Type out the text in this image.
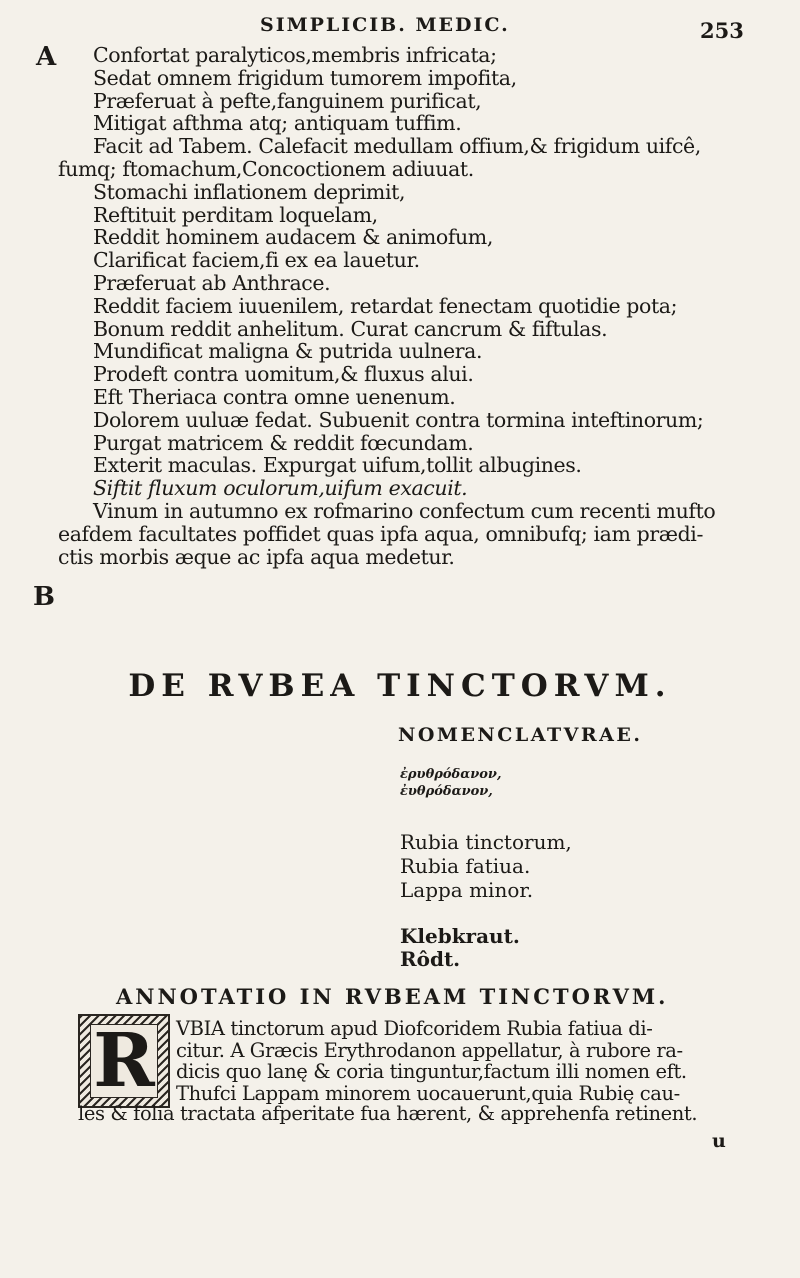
SIMPLICIB. MEDIC.	253
A
B
Confortat paralyticos,membris infricata;
Sedat omnem frigidum tumorem impofita,
Præferuat à pefte,fanguinem purificat,
Mitigat afthma atq; antiquam tuffim.
Facit ad Tabem. Calefacit medullam offium,& frigidum uifcê,
fumq; ftomachum,Concoctionem adiuuat.
Stomachi inflationem deprimit,
Reftituit perditam loquelam,
Reddit hominem audacem & animofum,
Clarificat faciem,fi ex ea lauetur.
Præferuat ab Anthrace.
Reddit faciem iuuenilem, retardat fenectam quotidie pota;
Bonum reddit anhelitum. Curat cancrum & fiftulas.
Mundificat maligna & putrida uulnera.
Prodeft contra uomitum,& fluxus alui.
Eft Theriaca contra omne uenenum.
Dolorem uuluæ fedat. Subuenit contra tormina inteftinorum;
Purgat matricem & reddit fœcundam.
Exterit maculas. Expurgat uifum,tollit albugines.
Siftit fluxum oculorum,uifum exacuit.
Vinum in autumno ex rofmarino confectum cum recenti mufto
eafdem facultates poffidet quas ipfa aqua, omnibufq; iam prædi-
ctis morbis æque ac ipfa aqua medetur.
DE RVBEA TINCTORVM.
NOMENCLATVRAE.
ἐρυθρόδανον,
ἐυθρόδανον,
Rubia tinctorum,
Rubia fatiua.
Lappa minor.
Klebkraut.
Rôdt.
ANNOTATIO IN RVBEAM TINCTORVM.
R VBIA tinctorum apud Diofcoridem Rubia fatiua di-
citur. A Græcis Erythrodanon appellatur, à rubore ra-
dicis quo lanę & coria tinguntur,factum illi nomen eft.
Thufci Lappam minorem uocauerunt,quia Rubię cau-
les & folia tractata afperitate fua hærent, & apprehenfa retinent.
u
